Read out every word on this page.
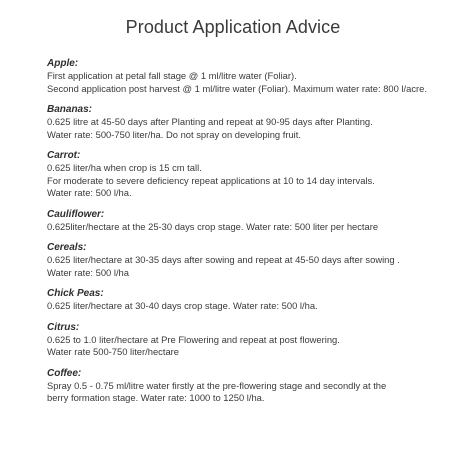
Product Application Advice
Apple:
First application at petal fall stage @ 1 ml/litre water (Foliar).
Second application post harvest @ 1 ml/litre water (Foliar). Maximum water rate: 800 l/acre.
Bananas:
0.625 litre at 45-50 days after Planting and repeat at 90-95 days after Planting.
Water rate: 500-750 liter/ha. Do not spray on developing fruit.
Carrot:
0.625 liter/ha when crop is 15 cm tall.
For moderate to severe deficiency repeat applications at 10 to 14 day intervals.
Water rate: 500 l/ha.
Cauliflower:
0.625liter/hectare at the 25-30 days crop stage. Water rate: 500 liter per hectare
Cereals:
0.625 liter/hectare at 30-35 days after sowing and repeat at 45-50 days after sowing .
Water rate: 500 l/ha
Chick Peas:
0.625 liter/hectare at 30-40 days crop stage. Water rate: 500 l/ha.
Citrus:
0.625 to 1.0 liter/hectare at Pre Flowering and repeat at post flowering.
Water rate 500-750 liter/hectare
Coffee:
Spray 0.5 - 0.75 ml/litre water firstly at the pre-flowering stage and secondly at the
berry formation stage. Water rate: 1000 to 1250 l/ha.
